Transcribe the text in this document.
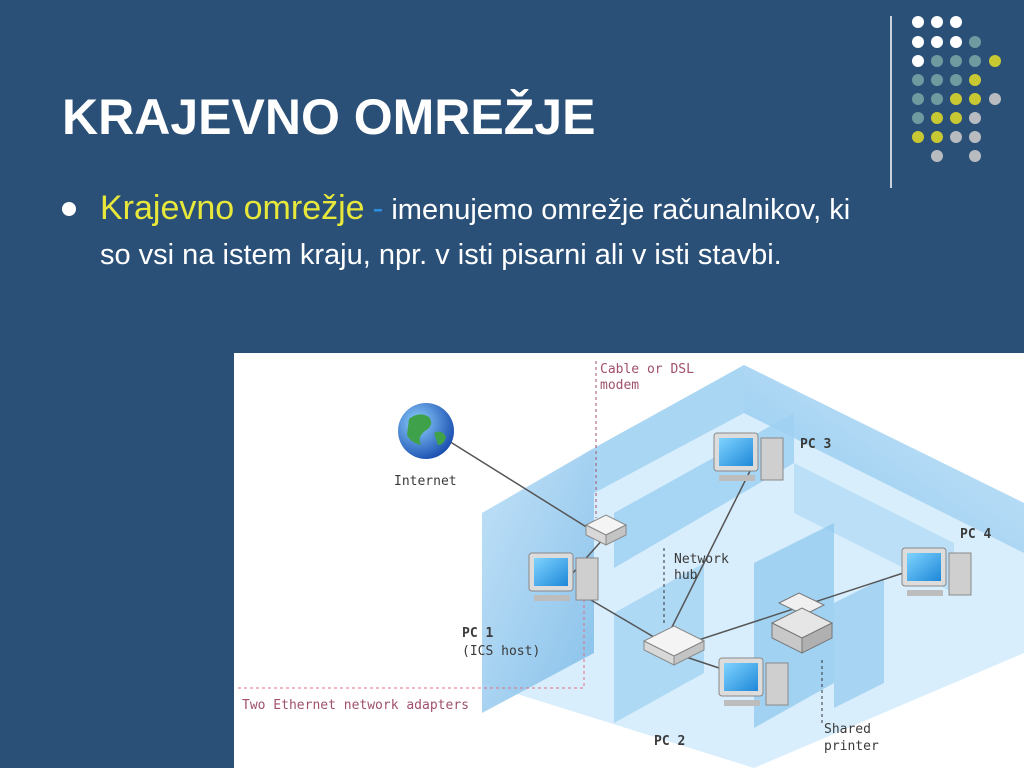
KRAJEVNO OMREŽJE
Krajevno omrežje - imenujemo omrežje računalnikov, ki so vsi na istem kraju, npr. v isti pisarni ali v isti stavbi.
Internet
Cable or DSL
modem
PC 3
PC 4
Network
hub
PC 1
(ICS host)
Two Ethernet network adapters
PC 2
Shared
printer
